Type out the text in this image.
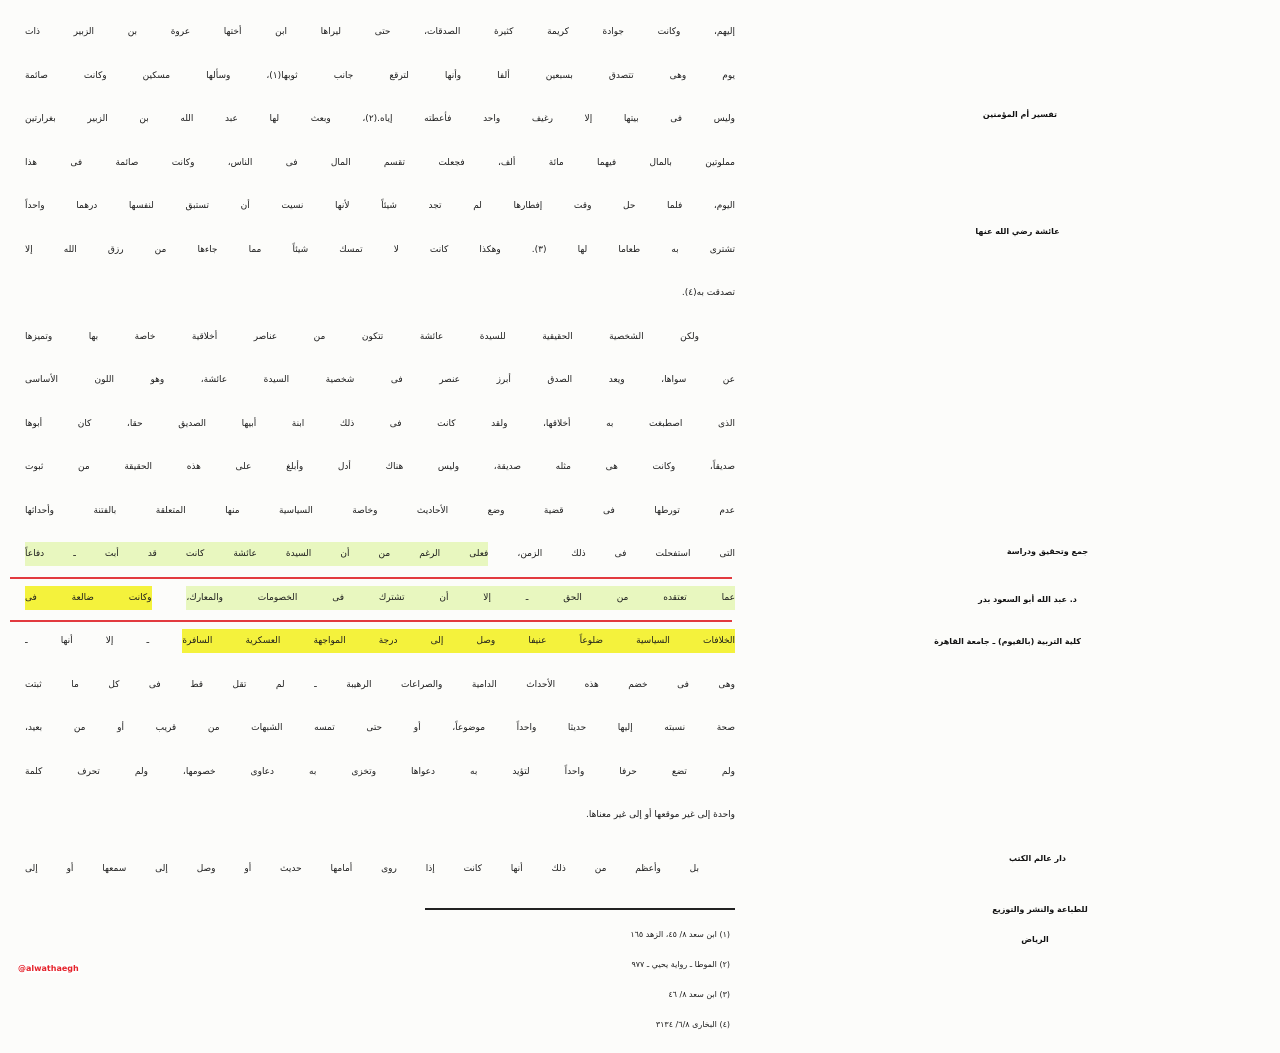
إليهم، وكانت جوادة كريمة كثيرة الصدقات، حتى ليراها ابن أختها عروة بن الزبير ذات
يوم وهى تتصدق بسبعين ألفا وأنها لترقع جانب ثوبها(١)، وسألها مسكين وكانت صائمة
وليس فى بيتها إلا رغيف واحد فأعطته إياه.(٢)، وبعث لها عبد الله بن الزبير بغرارتين
مملوتين بالمال فيهما مائة ألف، فجعلت تقسم المال فى الناس، وكانت صائمة فى هذا
اليوم، فلما حل وقت إفطارها لم تجد شيئاً لأنها نسيت أن تستبق لنفسها درهما واحداً
تشترى به طعاما لها (٣). وهكذا كانت لا تمسك شيئاً مما جاءها من رزق الله إلا
تصدقت به(٤).
ولكن الشخصية الحقيقية للسيدة عائشة تتكون من عناصر أخلاقية خاصة بها وتميزها
عن سواها، ويعد الصدق أبرز عنصر فى شخصية السيدة عائشة، وهو اللون الأساسى
الذى اصطبغت به أخلاقها، ولقد كانت فى ذلك ابنة أبيها الصديق حقا، كان أبوها
صديقاً، وكانت هى مثله صديقة، وليس هناك أدل وأبلغ على هذه الحقيقة من ثبوت
عدم تورطها فى قضية وضع الأحاديث وخاصة السياسية منها المتعلقة بالفتنة وأحداثها
التى استفحلت فى ذلك الزمن، فعلى الرغم من أن السيدة عائشة كانت قد أبت ـ دفاعاً
عما تعتقده من الحق ـ إلا أن تشترك فى الخصومات والمعارك، وكانت ضالعة فى
الخلافات السياسية ضلوعاً عنيفا وصل إلى درجة المواجهة العسكرية السافرة ـ إلا أنها ـ
وهى فى خضم هذه الأحداث الدامية والصراعات الرهيبة ـ لم تقل قط فى كل ما ثبتت
صحة نسبته إليها حديثا واحداً موضوعاً، أو حتى تمسه الشبهات من قريب أو من بعيد،
ولم تضع حرفا واحداً لتؤيد به دعواها وتخزى به دعاوى خصومها، ولم تحرف كلمة
واحدة إلى غير موقعها أو إلى غير معناها.
بل وأعظم من ذلك أنها كانت إذا روى أمامها حديث أو وصل إلى سمعها أو إلى
(١) ابن سعد ٨/ ٤٥، الزهد ١٦٥
(٢) الموطا ـ رواية يحيي ـ ٩٧٧
(٣) ابن سعد ٨/ ٤٦
(٤) البخارى ٦/٨/ ٣١٣٤
تفسير أم المؤمنين
عائشة رضي الله عنها
جمع وتحقيق ودراسة
د. عبد الله أبو السعود بدر
كلية التربية (بالفيوم) ـ جامعة القاهرة
دار عالم الكتب
للطباعة والنشر والتوزيع
الرياض
@alwathaegh
